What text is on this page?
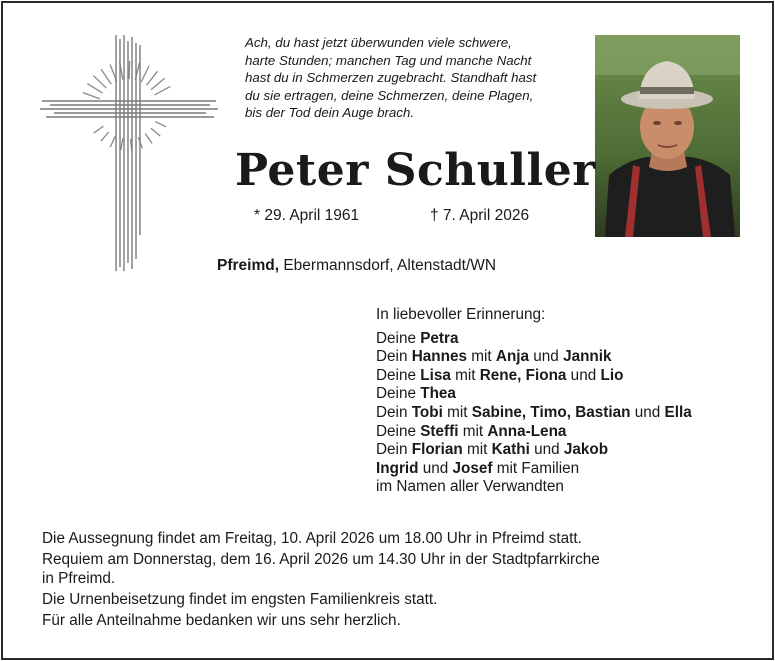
Ach, du hast jetzt überwunden viele schwere,
harte Stunden; manchen Tag und manche Nacht
hast du in Schmerzen zugebracht. Standhaft hast
du sie ertragen, deine Schmerzen, deine Plagen,
bis der Tod dein Auge brach.
Peter Schuller
* 29. April 1961	† 7. April 2026
Pfreimd, Ebermannsdorf, Altenstadt/WN
In liebevoller Erinnerung:
Deine Petra
Dein Hannes mit Anja und Jannik
Deine Lisa mit Rene, Fiona und Lio
Deine Thea
Dein Tobi mit Sabine, Timo, Bastian und Ella
Deine Steffi mit Anna-Lena
Dein Florian mit Kathi und Jakob
Ingrid und Josef mit Familien
im Namen aller Verwandten
Die Aussegnung findet am Freitag, 10. April 2026 um 18.00 Uhr in Pfreimd statt.
Requiem am Donnerstag, dem 16. April 2026 um 14.30 Uhr in der Stadtpfarrkirche
in Pfreimd.
Die Urnenbeisetzung findet im engsten Familienkreis statt.
Für alle Anteilnahme bedanken wir uns sehr herzlich.
